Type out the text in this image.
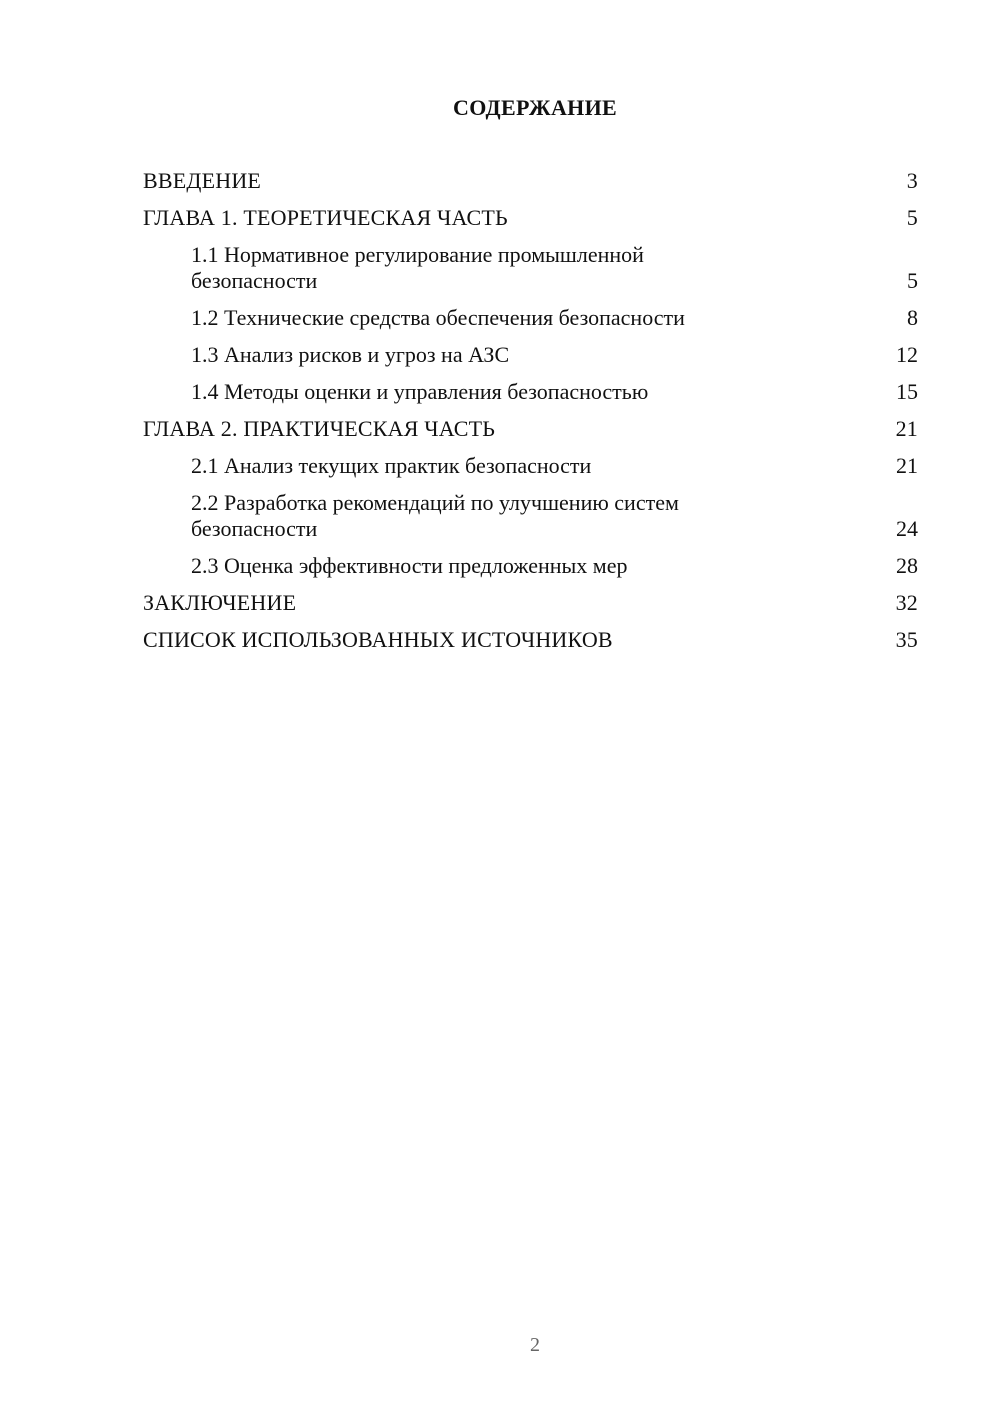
СОДЕРЖАНИЕ
ВВЕДЕНИЕ	3
ГЛАВА 1. ТЕОРЕТИЧЕСКАЯ ЧАСТЬ	5
1.1 Нормативное регулирование промышленной безопасности	5
1.2 Технические средства обеспечения безопасности	8
1.3 Анализ рисков и угроз на АЗС	12
1.4 Методы оценки и управления безопасностью	15
ГЛАВА 2. ПРАКТИЧЕСКАЯ ЧАСТЬ	21
2.1 Анализ текущих практик безопасности	21
2.2 Разработка рекомендаций по улучшению систем безопасности	24
2.3 Оценка эффективности предложенных мер	28
ЗАКЛЮЧЕНИЕ	32
СПИСОК ИСПОЛЬЗОВАННЫХ ИСТОЧНИКОВ	35
2
